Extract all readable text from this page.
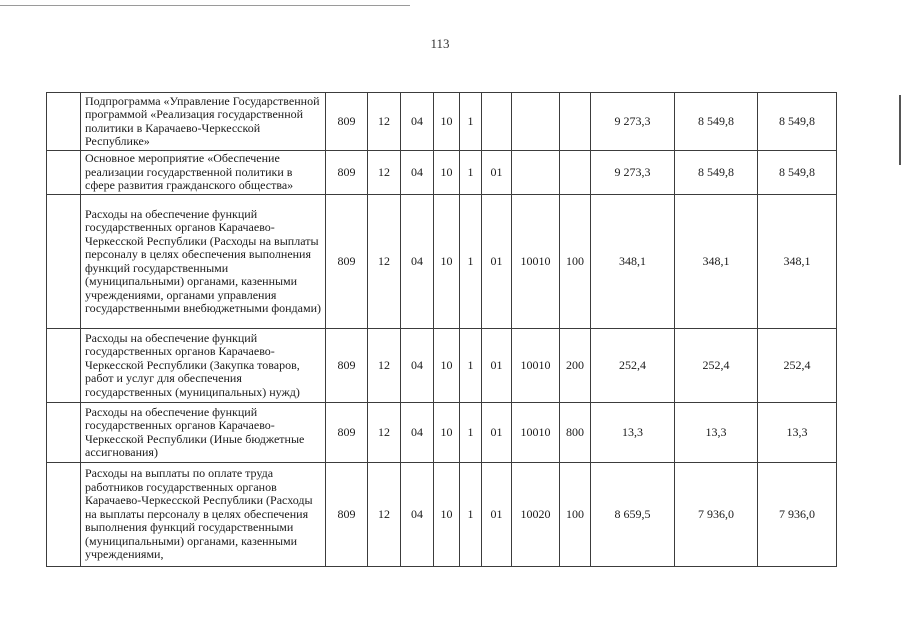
113
	Подпрограмма «Управление Государственной программой «Реализация государственной политики в Карачаево-Черкесской Республике»	809	12	04	10	1				9 273,3	8 549,8	8 549,8
	Основное мероприятие «Обеспечение реализации государственной политики в сфере развития гражданского общества»	809	12	04	10	1	01			9 273,3	8 549,8	8 549,8
	Расходы на обеспечение функций государственных органов Карачаево-Черкесской Республики (Расходы на выплаты персоналу в целях обеспечения выполнения функций государственными (муниципальными) органами, казенными учреждениями, органами управления государственными внебюджетными фондами)	809	12	04	10	1	01	10010	100	348,1	348,1	348,1
	Расходы на обеспечение функций государственных органов Карачаево-Черкесской Республики (Закупка товаров, работ и услуг для обеспечения государственных (муниципальных) нужд)	809	12	04	10	1	01	10010	200	252,4	252,4	252,4
	Расходы на обеспечение функций государственных органов Карачаево-Черкесской Республики (Иные бюджетные ассигнования)	809	12	04	10	1	01	10010	800	13,3	13,3	13,3
	Расходы на выплаты по оплате труда работников государственных органов Карачаево-Черкесской Республики (Расходы на выплаты персоналу в целях обеспечения выполнения функций государственными (муниципальными) органами, казенными учреждениями,	809	12	04	10	1	01	10020	100	8 659,5	7 936,0	7 936,0
